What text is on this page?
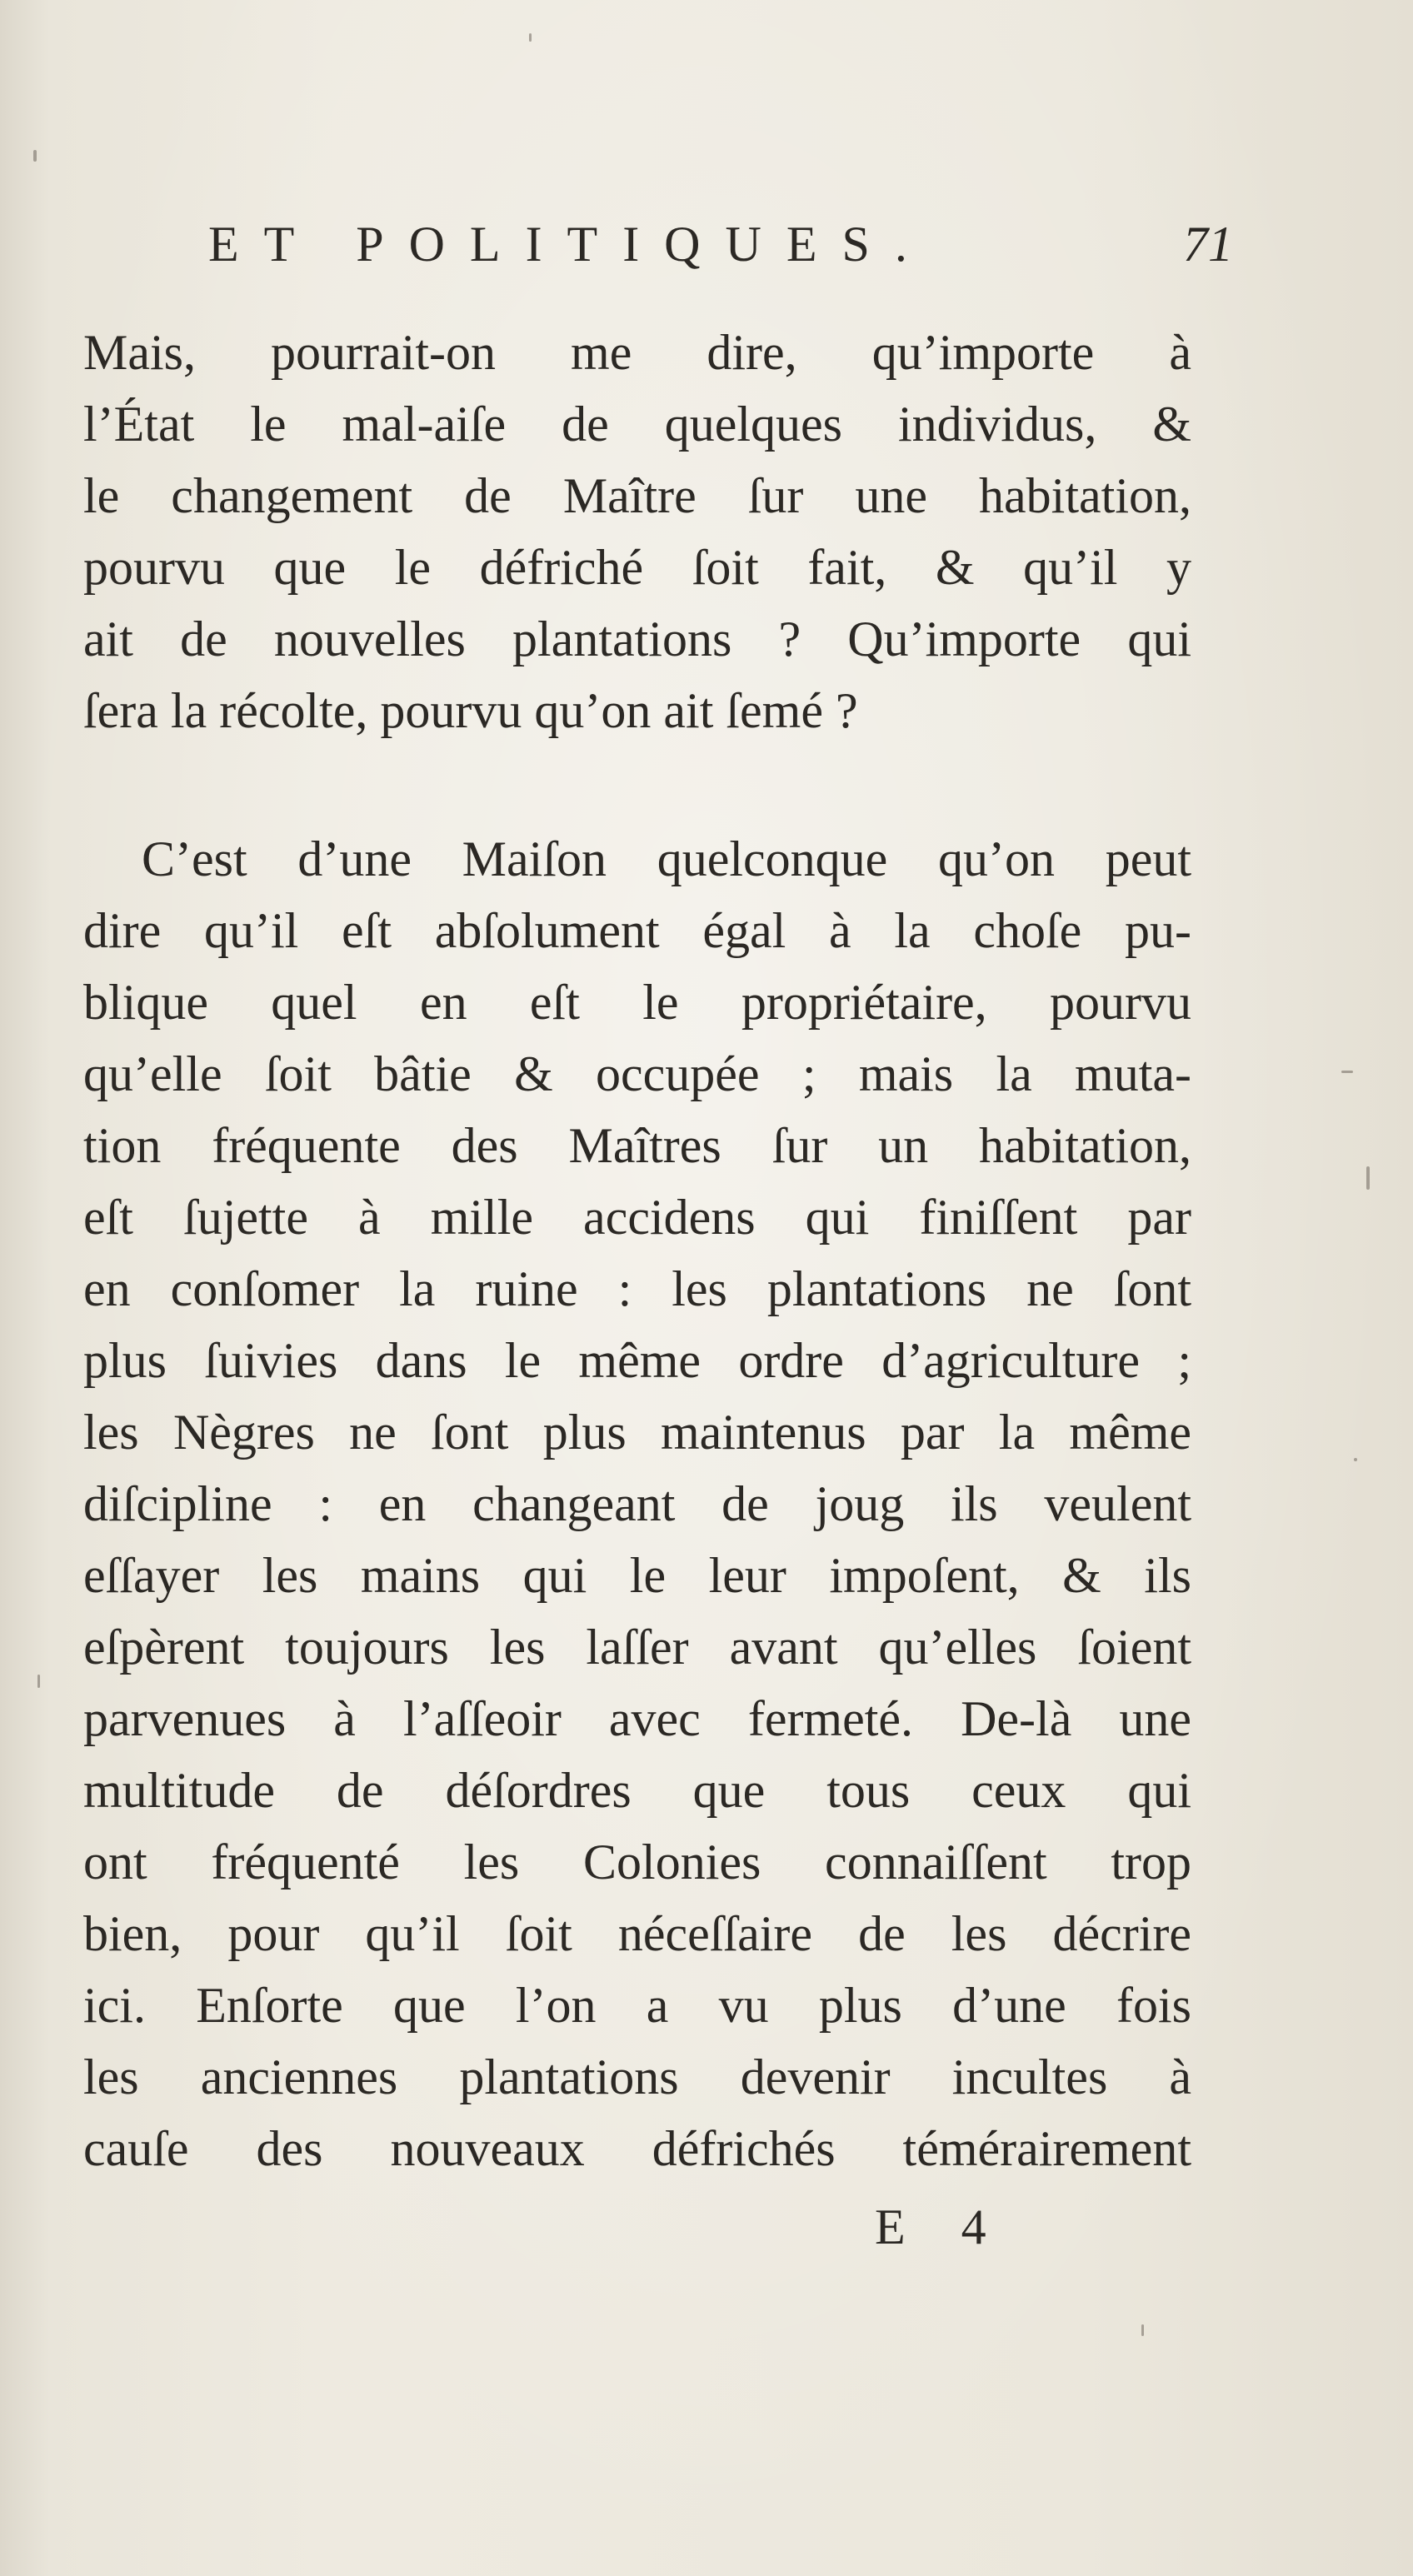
ET POLITIQUES.	71
Mais, pourrait-on me dire, qu’importe à
l’État le mal-aiſe de quelques individus, &
le changement de Maître ſur une habitation,
pourvu que le défriché ſoit fait, & qu’il y
ait de nouvelles plantations ? Qu’importe qui
ſera la récolte, pourvu qu’on ait ſemé ?
C’est d’une Maiſon quelconque qu’on peut
dire qu’il eſt abſolument égal à la choſe pu-
blique quel en eſt le propriétaire, pourvu
qu’elle ſoit bâtie & occupée ; mais la muta-
tion fréquente des Maîtres ſur un habitation,
eſt ſujette à mille accidens qui finiſſent par
en conſomer la ruine : les plantations ne ſont
plus ſuivies dans le même ordre d’agriculture ;
les Nègres ne ſont plus maintenus par la même
diſcipline : en changeant de joug ils veulent
eſſayer les mains qui le leur impoſent, & ils
eſpèrent toujours les laſſer avant qu’elles ſoient
parvenues à l’aſſeoir avec fermeté. De-là une
multitude de déſordres que tous ceux qui
ont fréquenté les Colonies connaiſſent trop
bien, pour qu’il ſoit néceſſaire de les décrire
ici. Enſorte que l’on a vu plus d’une fois
les anciennes plantations devenir incultes à
cauſe des nouveaux défrichés témérairement
E 4
